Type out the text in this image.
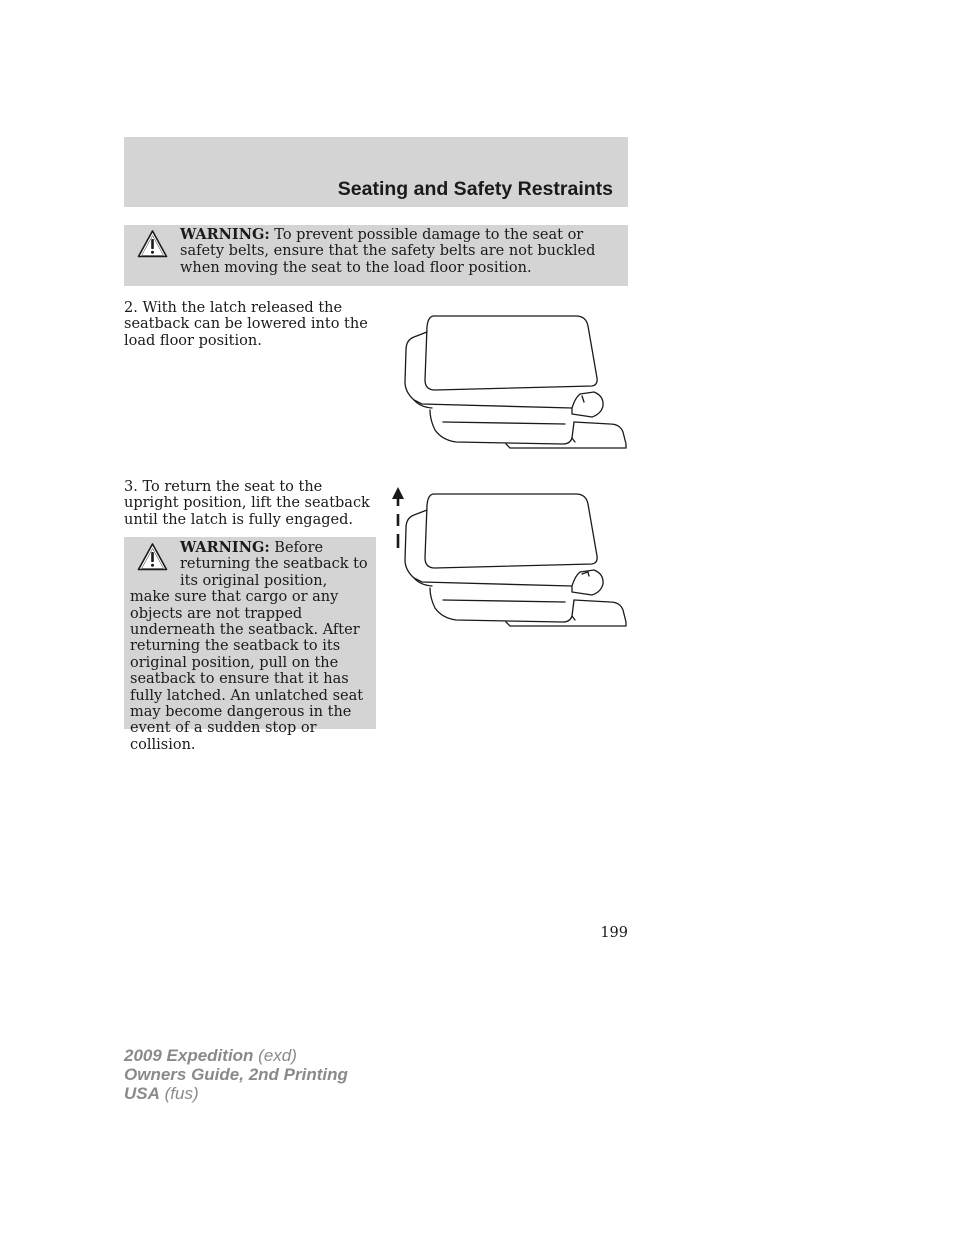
Seating and Safety Restraints
WARNING: To prevent possible damage to the seat or safety belts, ensure that the safety belts are not buckled when moving the seat to the load floor position.

2. With the latch released the seatback can be lowered into the load floor position.

3. To return the seat to the upright position, lift the seatback until the latch is fully engaged.

WARNING: Before returning the seatback to its original position, make sure that cargo or any objects are not trapped underneath the seatback. After returning the seatback to its original position, pull on the seatback to ensure that it has fully latched. An unlatched seat may become dangerous in the event of a sudden stop or collision.
199
2009 Expedition (exd)
Owners Guide, 2nd Printing
USA (fus)
